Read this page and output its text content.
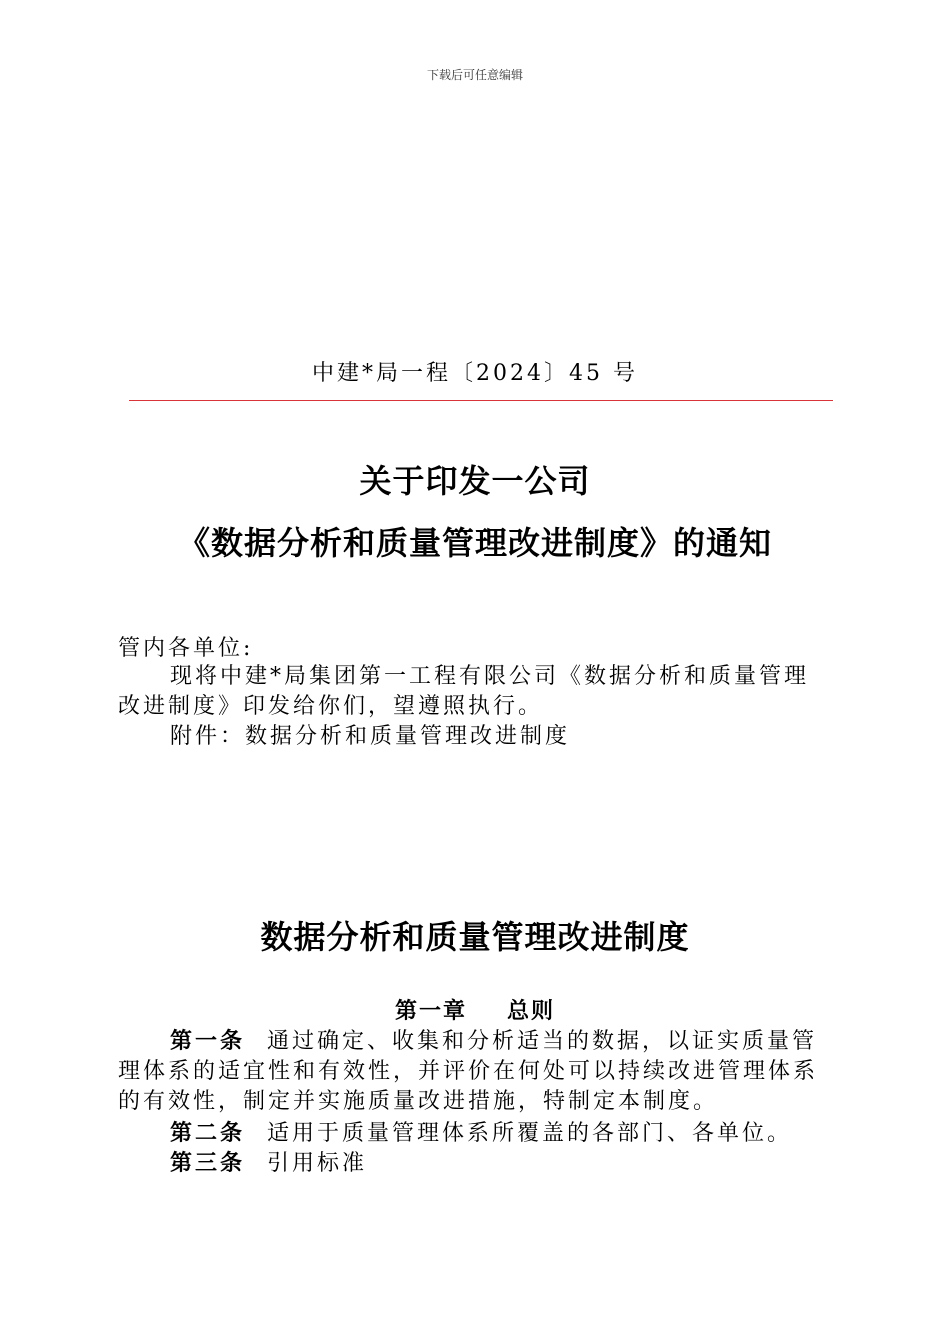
下载后可任意编辑
中建*局一程〔2024〕45 号
关于印发一公司
《数据分析和质量管理改进制度》的通知
管内各单位:
现将中建*局集团第一工程有限公司《数据分析和质量管理改进制度》印发给你们，望遵照执行。
附件：数据分析和质量管理改进制度
数据分析和质量管理改进制度
第一章 总则
第一条 通过确定、收集和分析适当的数据，以证实质量管理体系的适宜性和有效性，并评价在何处可以持续改进管理体系的有效性，制定并实施质量改进措施，特制定本制度。
第二条 适用于质量管理体系所覆盖的各部门、各单位。
第三条 引用标准
